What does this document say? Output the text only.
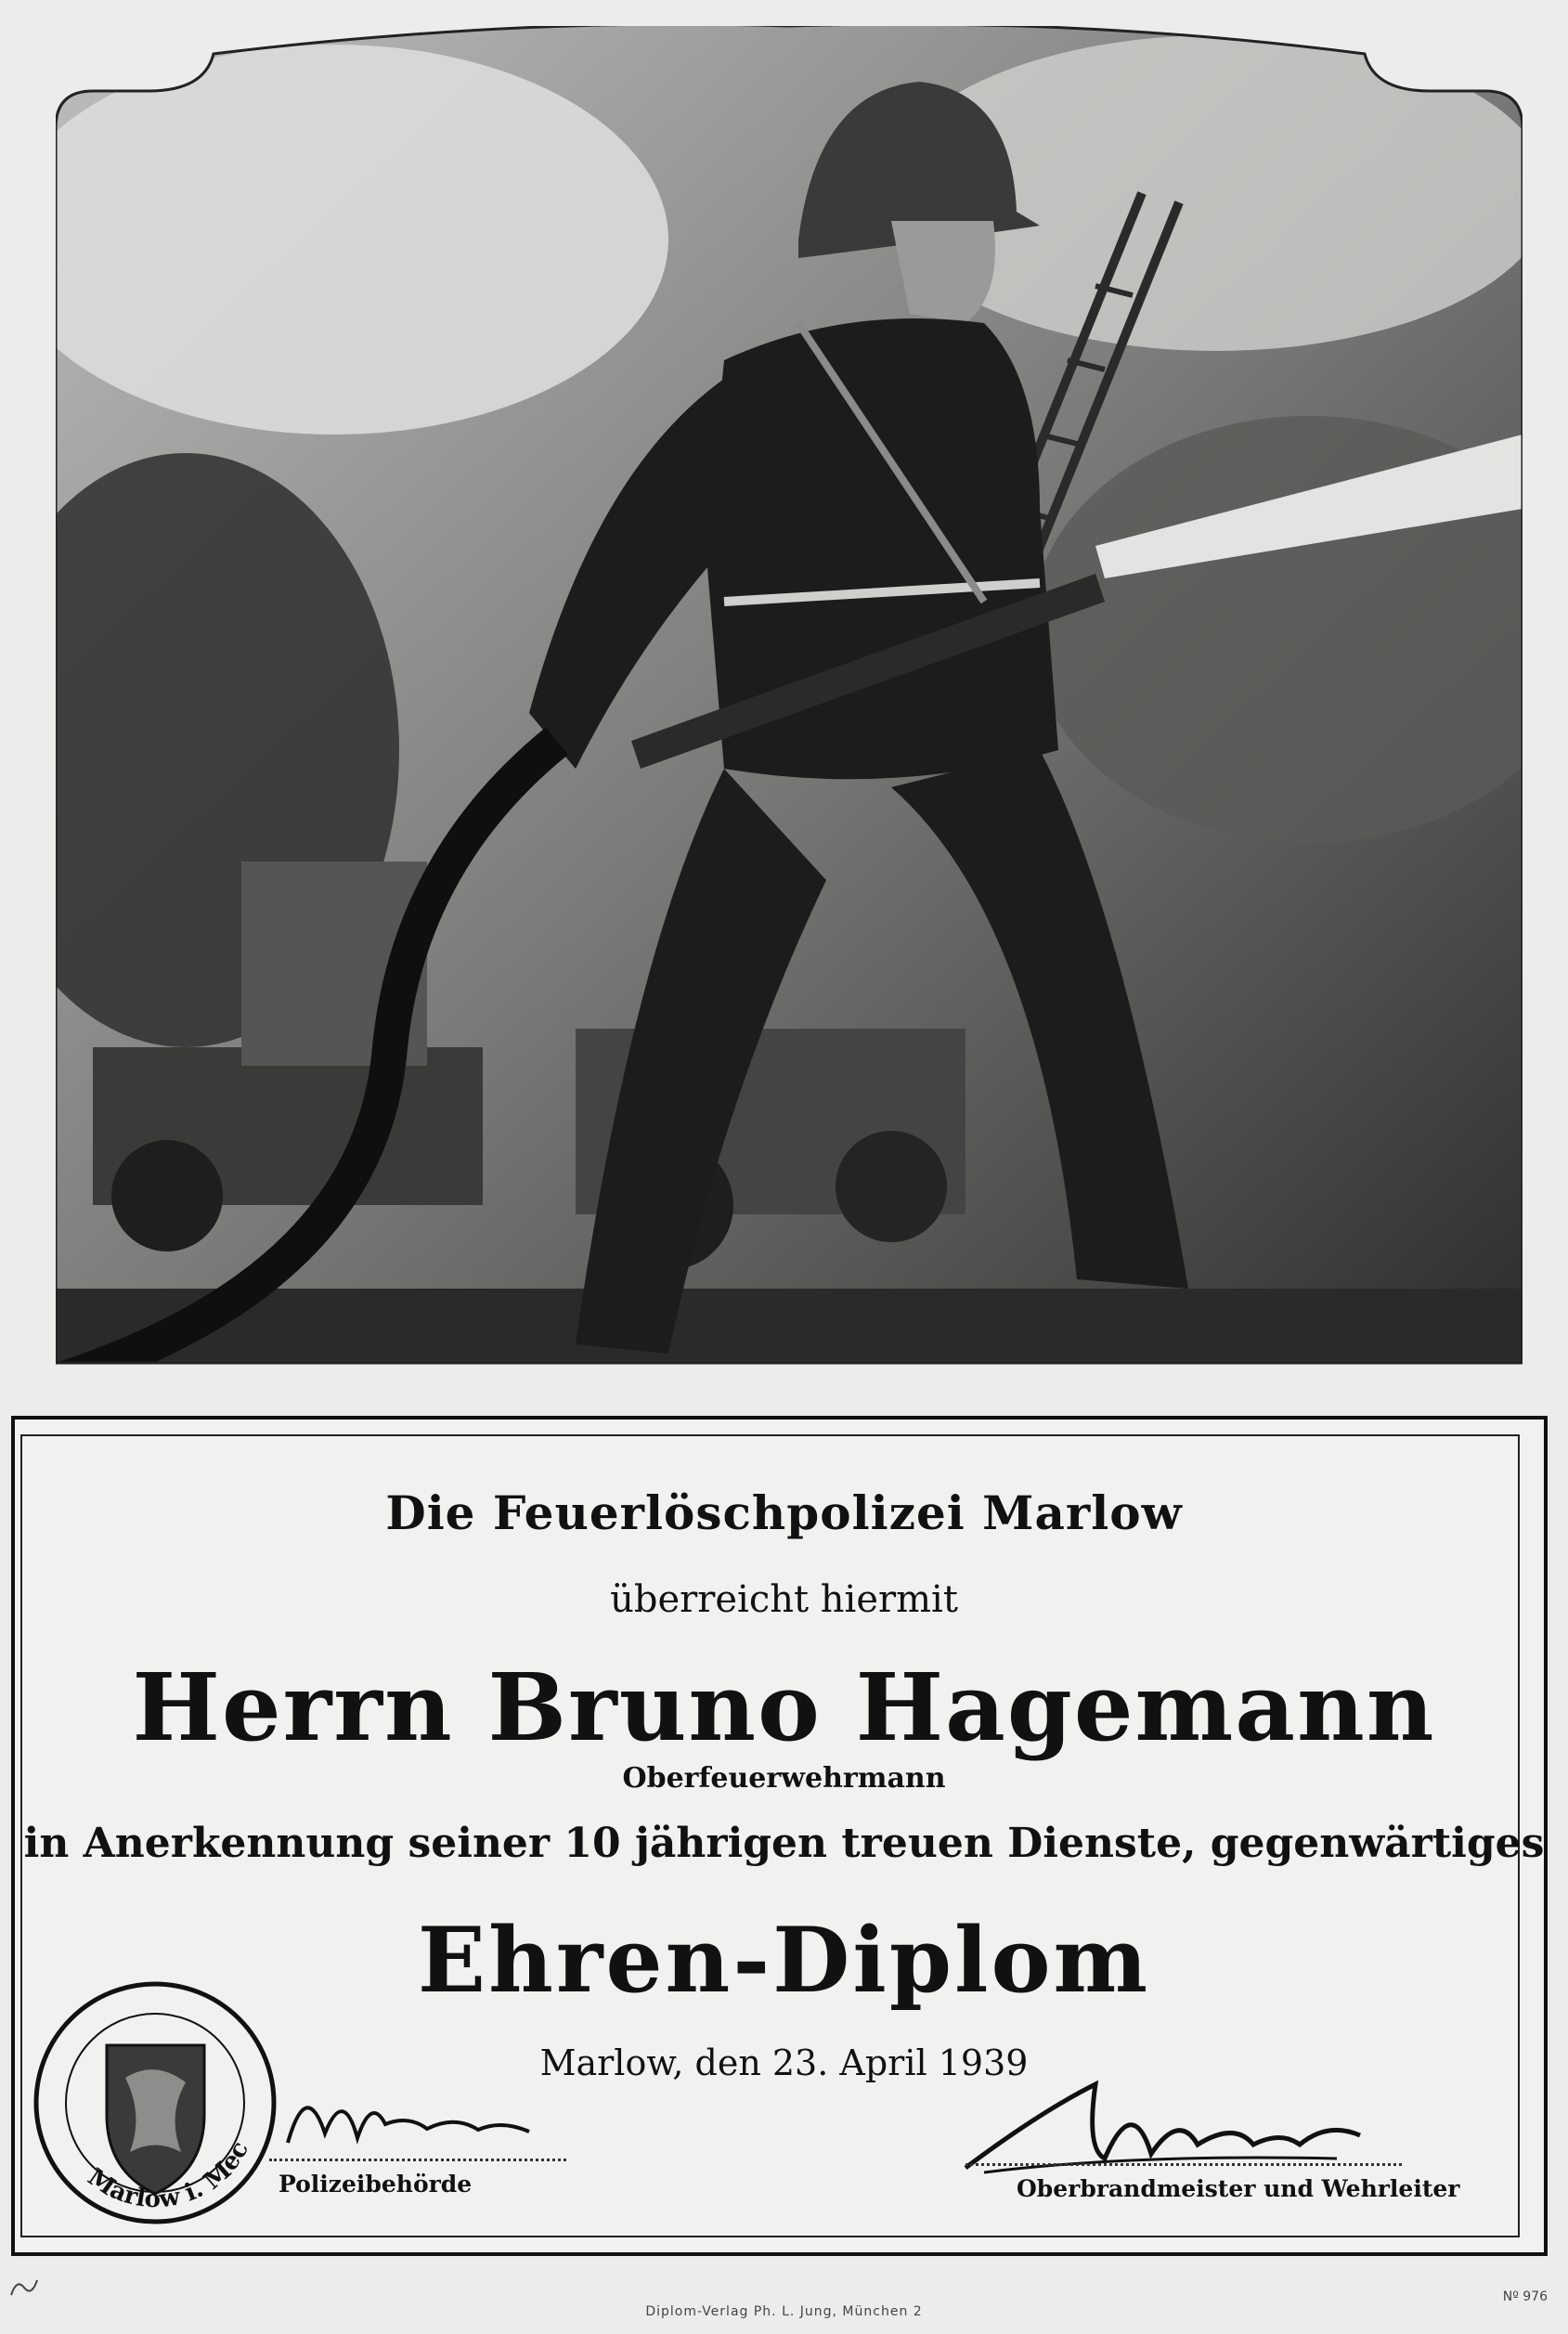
Die Feuerlöschpolizei Marlow
überreicht hiermit
Herrn Bruno Hagemann
Oberfeuerwehrmann
in Anerkennung seiner 10 jährigen treuen Dienste, gegenwärtiges
Ehren-Diplom
Marlow, den 23. April 1939
Marlow i. Mec
Polizeibehörde	Oberbrandmeister und Wehrleiter
Diplom-Verlag Ph. L. Jung, München 2
Nº 976
